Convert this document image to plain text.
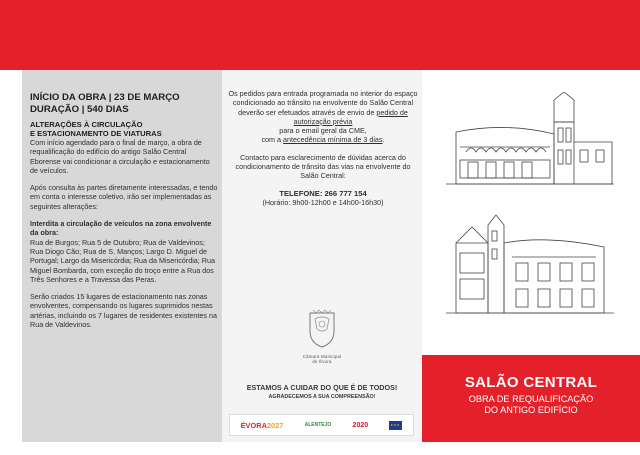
INÍCIO DA OBRA | 23 DE MARÇO

DURAÇÃO | 540 DIAS

ALTERAÇÕES À CIRCULAÇÃO
E ESTACIONAMENTO DE VIATURAS

Com início agendado para o final de março, a obra de requalificação do edifício do antigo Salão Central Eborense vai condicionar a circulação e estacionamento de veículos.

Após consulta às partes diretamente interessadas, e tendo em conta o interesse coletivo, irão ser implementadas as seguintes alterações:

Interdita a circulação de veículos na zona envolvente da obra:

Rua de Burgos; Rua 5 de Outubro; Rua de Valdevinos; Rua Diogo Cão; Rua de S. Manços; Largo D. Miguel de Portugal; Largo da Misericórdia; Rua da Misericórdia; Rua Miguel Bombarda, com exceção do troço entre a Rua dos Três Senhores e a Travessa das Peras.

Serão criados 15 lugares de estacionamento nas zonas envolventes, compensando os lugares suprimidos nestas artérias, incluindo os 7 lugares de residentes existentes na Rua de Valdevinos.

Os pedidos para entrada programada no interior do espaço condicionado ao trânsito na envolvente do Salão Central deverão ser efetuados através de envio de pedido de autorização prévia
para o email geral da CME,
com a antecedência mínima de 3 dias.

Contacto para esclarecimento de dúvidas acerca do condicionamento de trânsito das vias na envolvente do Salão Central:

TELEFONE: 266 777 154

(Horário: 9h00-12h00 e 14h00-16h30)

Câmara Municipal
de Évora
ESTAMOS A CUIDAR DO QUE É DE TODOS!
AGRADECEMOS A SUA COMPREENSÃO!
ÉVORA2027	ALENTEJO	2020
★★★
SALÃO CENTRAL
OBRA DE REQUALIFICAÇÃO
DO ANTIGO EDIFÍCIO
